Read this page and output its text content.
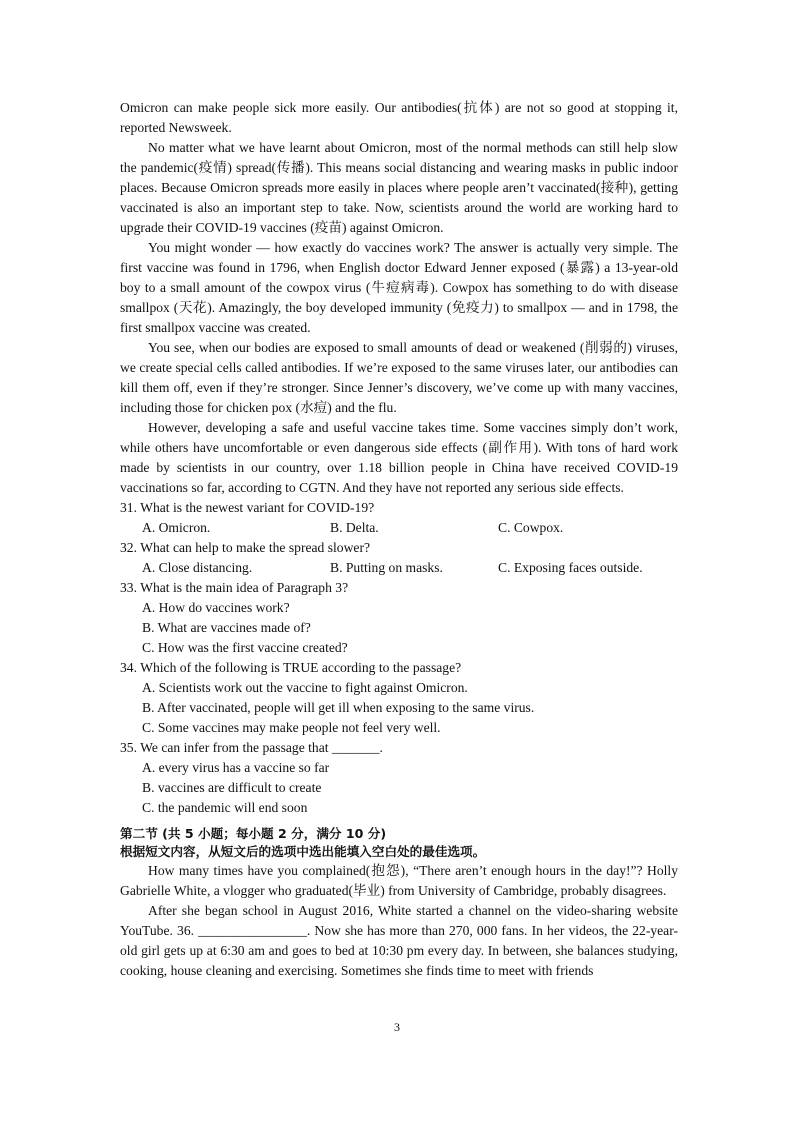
Omicron can make people sick more easily. Our antibodies(抗体) are not so good at stopping it, reported Newsweek.

No matter what we have learnt about Omicron, most of the normal methods can still help slow the pandemic(疫情) spread(传播). This means social distancing and wearing masks in public indoor places. Because Omicron spreads more easily in places where people aren’t vaccinated(接种), getting vaccinated is also an important step to take. Now, scientists around the world are working hard to upgrade their COVID-19 vaccines (疫苗) against Omicron.

You might wonder — how exactly do vaccines work? The answer is actually very simple. The first vaccine was found in 1796, when English doctor Edward Jenner exposed (暴露) a 13-year-old boy to a small amount of the cowpox virus (牛痘病毒). Cowpox has something to do with disease smallpox (天花). Amazingly, the boy developed immunity (免疫力) to smallpox — and in 1798, the first smallpox vaccine was created.

You see, when our bodies are exposed to small amounts of dead or weakened (削弱的) viruses, we create special cells called antibodies. If we’re exposed to the same viruses later, our antibodies can kill them off, even if they’re stronger. Since Jenner’s discovery, we’ve come up with many vaccines, including those for chicken pox (水痘) and the flu.

However, developing a safe and useful vaccine takes time. Some vaccines simply don’t work, while others have uncomfortable or even dangerous side effects (副作用). With tons of hard work made by scientists in our country, over 1.18 billion people in China have received COVID-19 vaccinations so far, according to CGTN. And they have not reported any serious side effects.

31. What is the newest variant for COVID-19?

A. Omicron.	B. Delta.	C. Cowpox.

32. What can help to make the spread slower?

A. Close distancing.	B. Putting on masks.	C. Exposing faces outside.

33. What is the main idea of Paragraph 3?

A. How do vaccines work?

B. What are vaccines made of?

C. How was the first vaccine created?

34. Which of the following is TRUE according to the passage?

A. Scientists work out the vaccine to fight against Omicron.

B. After vaccinated, people will get ill when exposing to the same virus.

C. Some vaccines may make people not feel very well.

35. We can infer from the passage that _______.

A. every virus has a vaccine so far

B. vaccines are difficult to create

C. the pandemic will end soon

第二节 (共 5 小题；每小题 2 分，满分 10 分)

根据短文内容，从短文后的选项中选出能填入空白处的最佳选项。

How many times have you complained(抱怨), “There aren’t enough hours in the day!”? Holly Gabrielle White, a vlogger who graduated(毕业) from University of Cambridge, probably disagrees.

After she began school in August 2016, White started a channel on the video-sharing website YouTube. 36. ________________. Now she has more than 270, 000 fans. In her videos, the 22-year-old girl gets up at 6:30 am and goes to bed at 10:30 pm every day. In between, she balances studying, cooking, house cleaning and exercising. Sometimes she finds time to meet with friends

3
